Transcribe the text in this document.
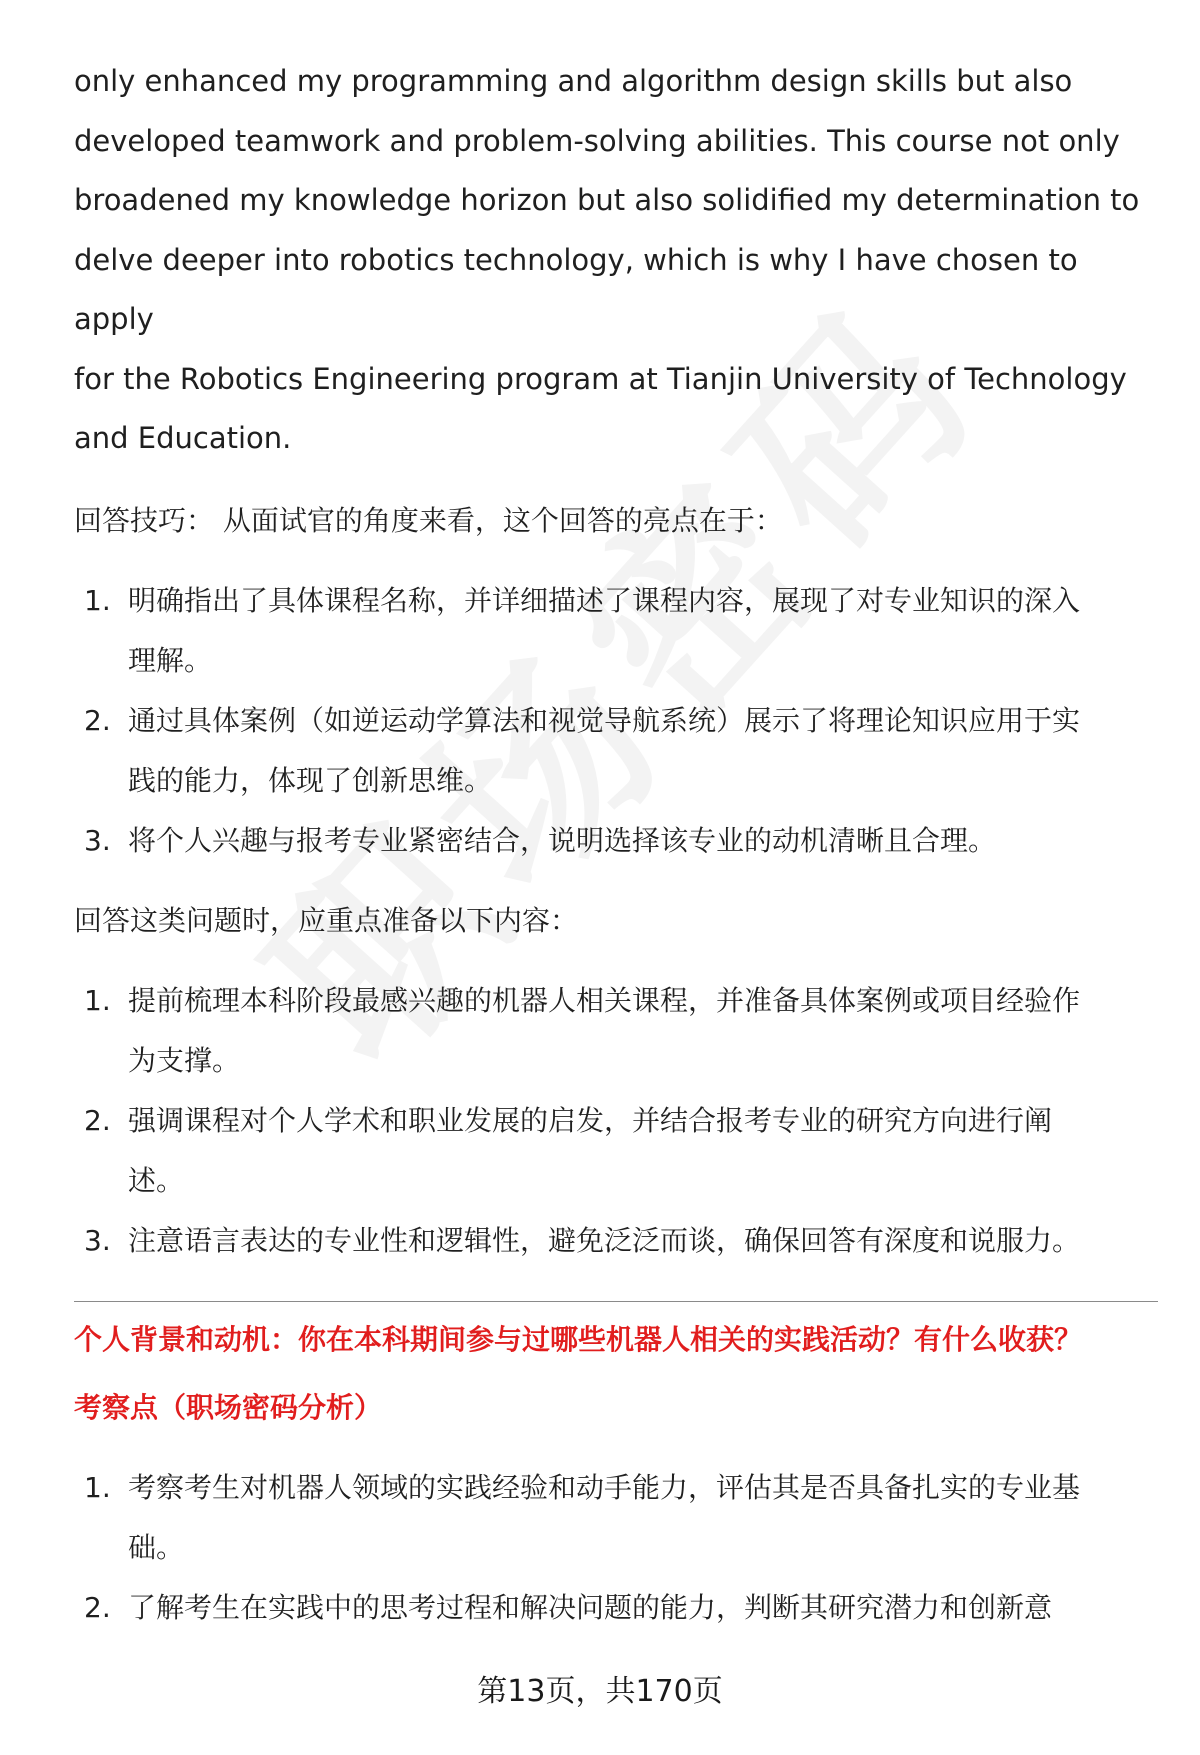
only enhanced my programming and algorithm design skills but also

developed teamwork and problem-solving abilities. This course not only

broadened my knowledge horizon but also solidified my determination to

delve deeper into robotics technology, which is why I have chosen to apply

for the Robotics Engineering program at Tianjin University of Technology

and Education.

回答技巧： 从面试官的角度来看，这个回答的亮点在于：

1. 明确指出了具体课程名称，并详细描述了课程内容，展现了对专业知识的深入
理解。
2. 通过具体案例（如逆运动学算法和视觉导航系统）展示了将理论知识应用于实
践的能力，体现了创新思维。
3. 将个人兴趣与报考专业紧密结合，说明选择该专业的动机清晰且合理。

回答这类问题时，应重点准备以下内容：

1. 提前梳理本科阶段最感兴趣的机器人相关课程，并准备具体案例或项目经验作
为支撑。
2. 强调课程对个人学术和职业发展的启发，并结合报考专业的研究方向进行阐
述。
3. 注意语言表达的专业性和逻辑性，避免泛泛而谈，确保回答有深度和说服力。

个人背景和动机：你在本科期间参与过哪些机器人相关的实践活动？有什么收获？

考察点（职场密码分析）

1. 考察考生对机器人领域的实践经验和动手能力，评估其是否具备扎实的专业基
础。
2. 了解考生在实践中的思考过程和解决问题的能力，判断其研究潜力和创新意
第13页，共170页
